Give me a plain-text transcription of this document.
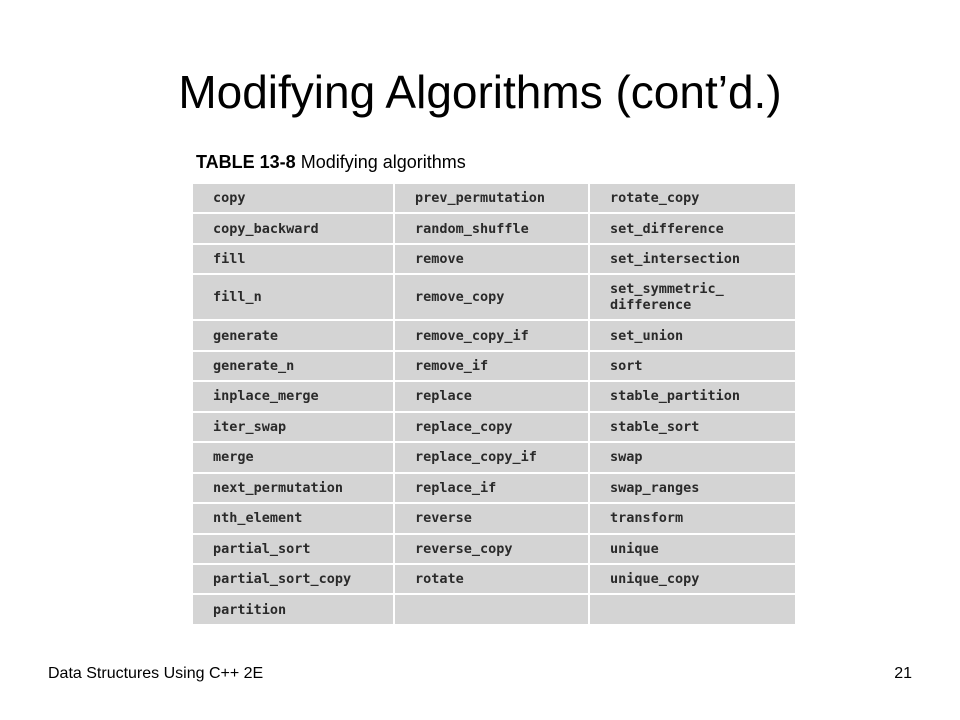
Modifying Algorithms (cont’d.)
TABLE 13-8 Modifying algorithms
copy	prev_permutation	rotate_copy
copy_backward	random_shuffle	set_difference
fill	remove	set_intersection
fill_n	remove_copy	set_symmetric_
difference
generate	remove_copy_if	set_union
generate_n	remove_if	sort
inplace_merge	replace	stable_partition
iter_swap	replace_copy	stable_sort
merge	replace_copy_if	swap
next_permutation	replace_if	swap_ranges
nth_element	reverse	transform
partial_sort	reverse_copy	unique
partial_sort_copy	rotate	unique_copy
partition		
Data Structures Using C++ 2E	21
